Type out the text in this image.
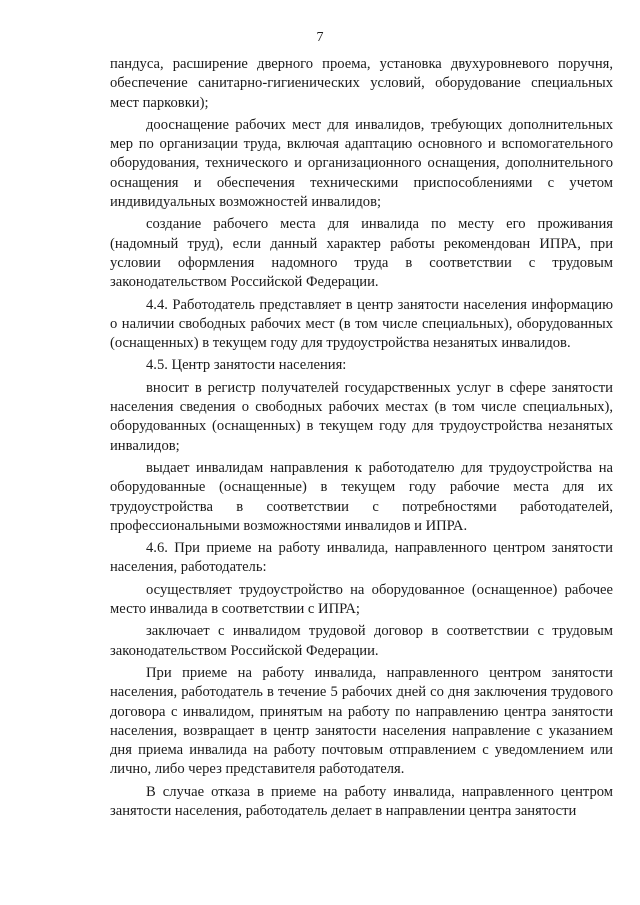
7

пандуса, расширение дверного проема, установка двухуровневого поручня, обеспечение санитарно-гигиенических условий, оборудование специальных мест парковки);

дооснащение рабочих мест для инвалидов, требующих дополнительных мер по организации труда, включая адаптацию основного и вспомогательного оборудования, технического и организационного оснащения, дополнительного оснащения и обеспечения техническими приспособлениями с учетом индивидуальных возможностей инвалидов;

создание рабочего места для инвалида по месту его проживания (надомный труд), если данный характер работы рекомендован ИПРА, при условии оформления надомного труда в соответствии с трудовым законодательством Российской Федерации.

4.4. Работодатель представляет в центр занятости населения информацию о наличии свободных рабочих мест (в том числе специальных), оборудованных (оснащенных) в текущем году для трудоустройства незанятых инвалидов.

4.5. Центр занятости населения:

вносит в регистр получателей государственных услуг в сфере занятости населения сведения о свободных рабочих местах (в том числе специальных), оборудованных (оснащенных) в текущем году для трудоустройства незанятых инвалидов;

выдает инвалидам направления к работодателю для трудоустройства на оборудованные (оснащенные) в текущем году рабочие места для их трудоустройства в соответствии с потребностями работодателей, профессиональными возможностями инвалидов и ИПРА.

4.6. При приеме на работу инвалида, направленного центром занятости населения, работодатель:

осуществляет трудоустройство на оборудованное (оснащенное) рабочее место инвалида в соответствии с ИПРА;

заключает с инвалидом трудовой договор в соответствии с трудовым законодательством Российской Федерации.

При приеме на работу инвалида, направленного центром занятости населения, работодатель в течение 5 рабочих дней со дня заключения трудового договора с инвалидом, принятым на работу по направлению центра занятости населения, возвращает в центр занятости населения направление с указанием дня приема инвалида на работу почтовым отправлением с уведомлением или лично, либо через представителя работодателя.

В случае отказа в приеме на работу инвалида, направленного центром занятости населения, работодатель делает в направлении центра занятости
